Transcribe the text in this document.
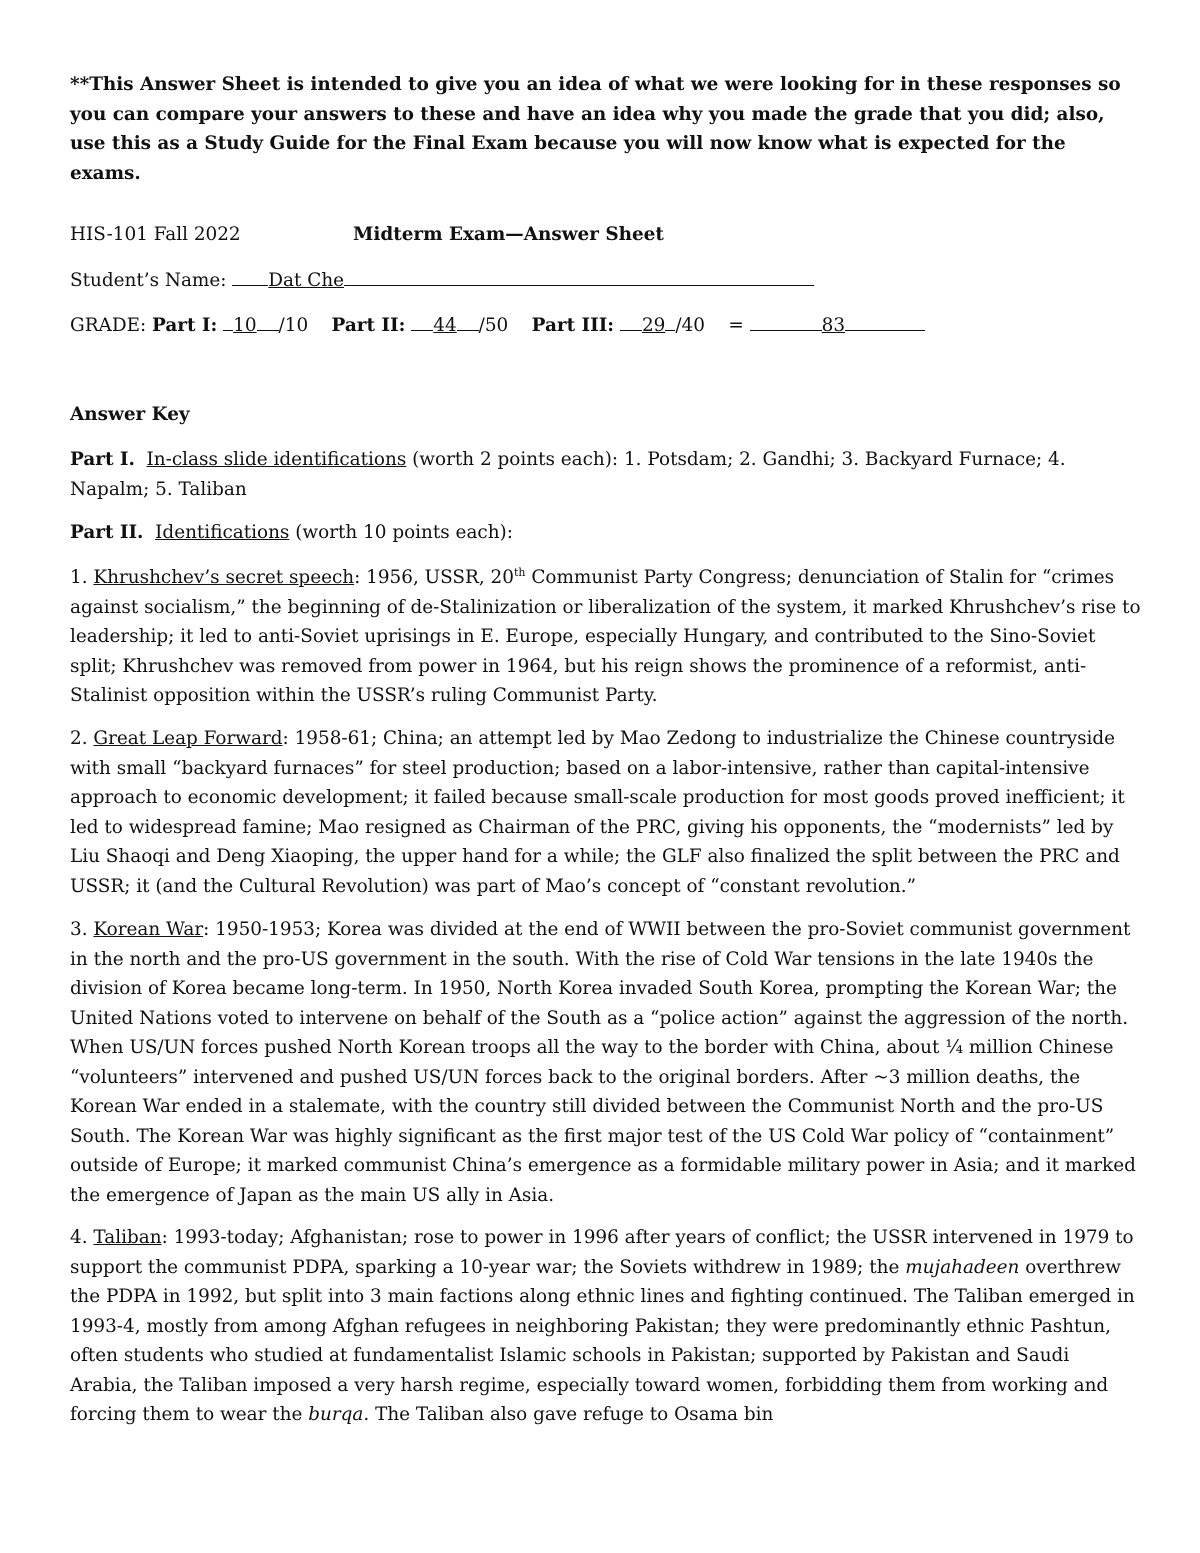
**This Answer Sheet is intended to give you an idea of what we were looking for in these responses so you can compare your answers to these and have an idea why you made the grade that you did; also, use this as a Study Guide for the Final Exam because you will now know what is expected for the exams.
HIS-101 Fall 2022	Midterm Exam—Answer Sheet
Student’s Name: Dat Che
GRADE: Part I: 10 /10 Part II: 44 /50 Part III: 29 /40 =	83
Answer Key
Part I. In-class slide identifications (worth 2 points each): 1. Potsdam; 2. Gandhi; 3. Backyard Furnace; 4. Napalm; 5. Taliban
Part II. Identifications (worth 10 points each):
1. Khrushchev’s secret speech: 1956, USSR, 20th Communist Party Congress; denunciation of Stalin for “crimes against socialism,” the beginning of de-Stalinization or liberalization of the system, it marked Khrushchev’s rise to leadership; it led to anti-Soviet uprisings in E. Europe, especially Hungary, and contributed to the Sino-Soviet split; Khrushchev was removed from power in 1964, but his reign shows the prominence of a reformist, anti-Stalinist opposition within the USSR’s ruling Communist Party.
2. Great Leap Forward: 1958-61; China; an attempt led by Mao Zedong to industrialize the Chinese countryside with small “backyard furnaces” for steel production; based on a labor-intensive, rather than capital-intensive approach to economic development; it failed because small-scale production for most goods proved inefficient; it led to widespread famine; Mao resigned as Chairman of the PRC, giving his opponents, the “modernists” led by Liu Shaoqi and Deng Xiaoping, the upper hand for a while; the GLF also finalized the split between the PRC and USSR; it (and the Cultural Revolution) was part of Mao’s concept of “constant revolution.”
3. Korean War: 1950-1953; Korea was divided at the end of WWII between the pro-Soviet communist government in the north and the pro-US government in the south. With the rise of Cold War tensions in the late 1940s the division of Korea became long-term. In 1950, North Korea invaded South Korea, prompting the Korean War; the United Nations voted to intervene on behalf of the South as a “police action” against the aggression of the north. When US/UN forces pushed North Korean troops all the way to the border with China, about ¼ million Chinese “volunteers” intervened and pushed US/UN forces back to the original borders. After ~3 million deaths, the Korean War ended in a stalemate, with the country still divided between the Communist North and the pro-US South. The Korean War was highly significant as the first major test of the US Cold War policy of “containment” outside of Europe; it marked communist China’s emergence as a formidable military power in Asia; and it marked the emergence of Japan as the main US ally in Asia.
4. Taliban: 1993-today; Afghanistan; rose to power in 1996 after years of conflict; the USSR intervened in 1979 to support the communist PDPA, sparking a 10-year war; the Soviets withdrew in 1989; the mujahadeen overthrew the PDPA in 1992, but split into 3 main factions along ethnic lines and fighting continued. The Taliban emerged in 1993-4, mostly from among Afghan refugees in neighboring Pakistan; they were predominantly ethnic Pashtun, often students who studied at fundamentalist Islamic schools in Pakistan; supported by Pakistan and Saudi Arabia, the Taliban imposed a very harsh regime, especially toward women, forbidding them from working and forcing them to wear the burqa. The Taliban also gave refuge to Osama bin
